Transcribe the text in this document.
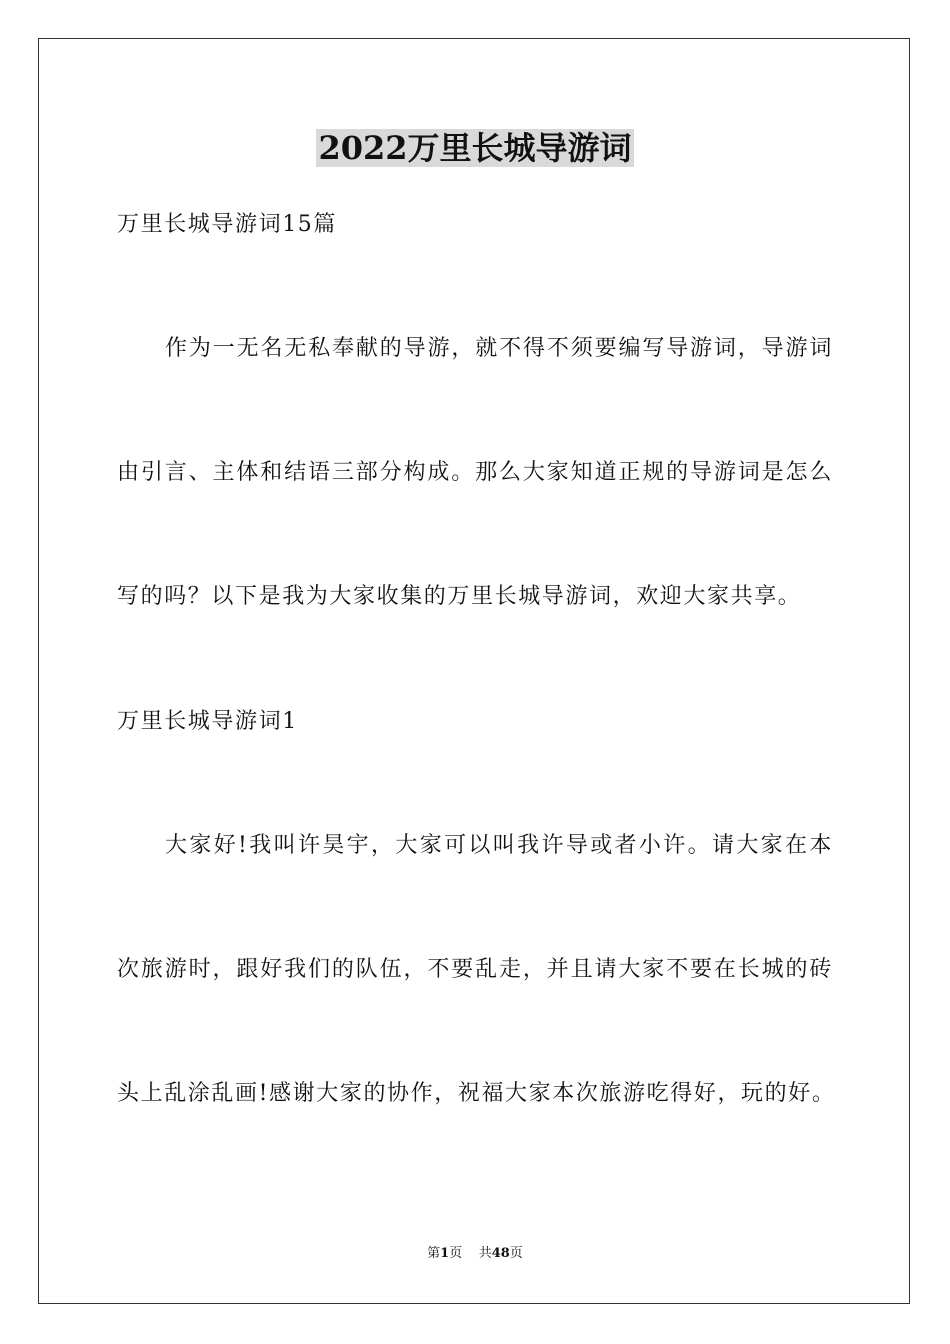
2022万里长城导游词
万里长城导游词15篇
作为一无名无私奉献的导游，就不得不须要编写导游词，导游词
由引言、主体和结语三部分构成。那么大家知道正规的导游词是怎么
写的吗？以下是我为大家收集的万里长城导游词，欢迎大家共享。
万里长城导游词1
大家好!我叫许昊宇，大家可以叫我许导或者小许。请大家在本
次旅游时，跟好我们的队伍，不要乱走，并且请大家不要在长城的砖
头上乱涂乱画!感谢大家的协作，祝福大家本次旅游吃得好，玩的好。
第1页 共48页
